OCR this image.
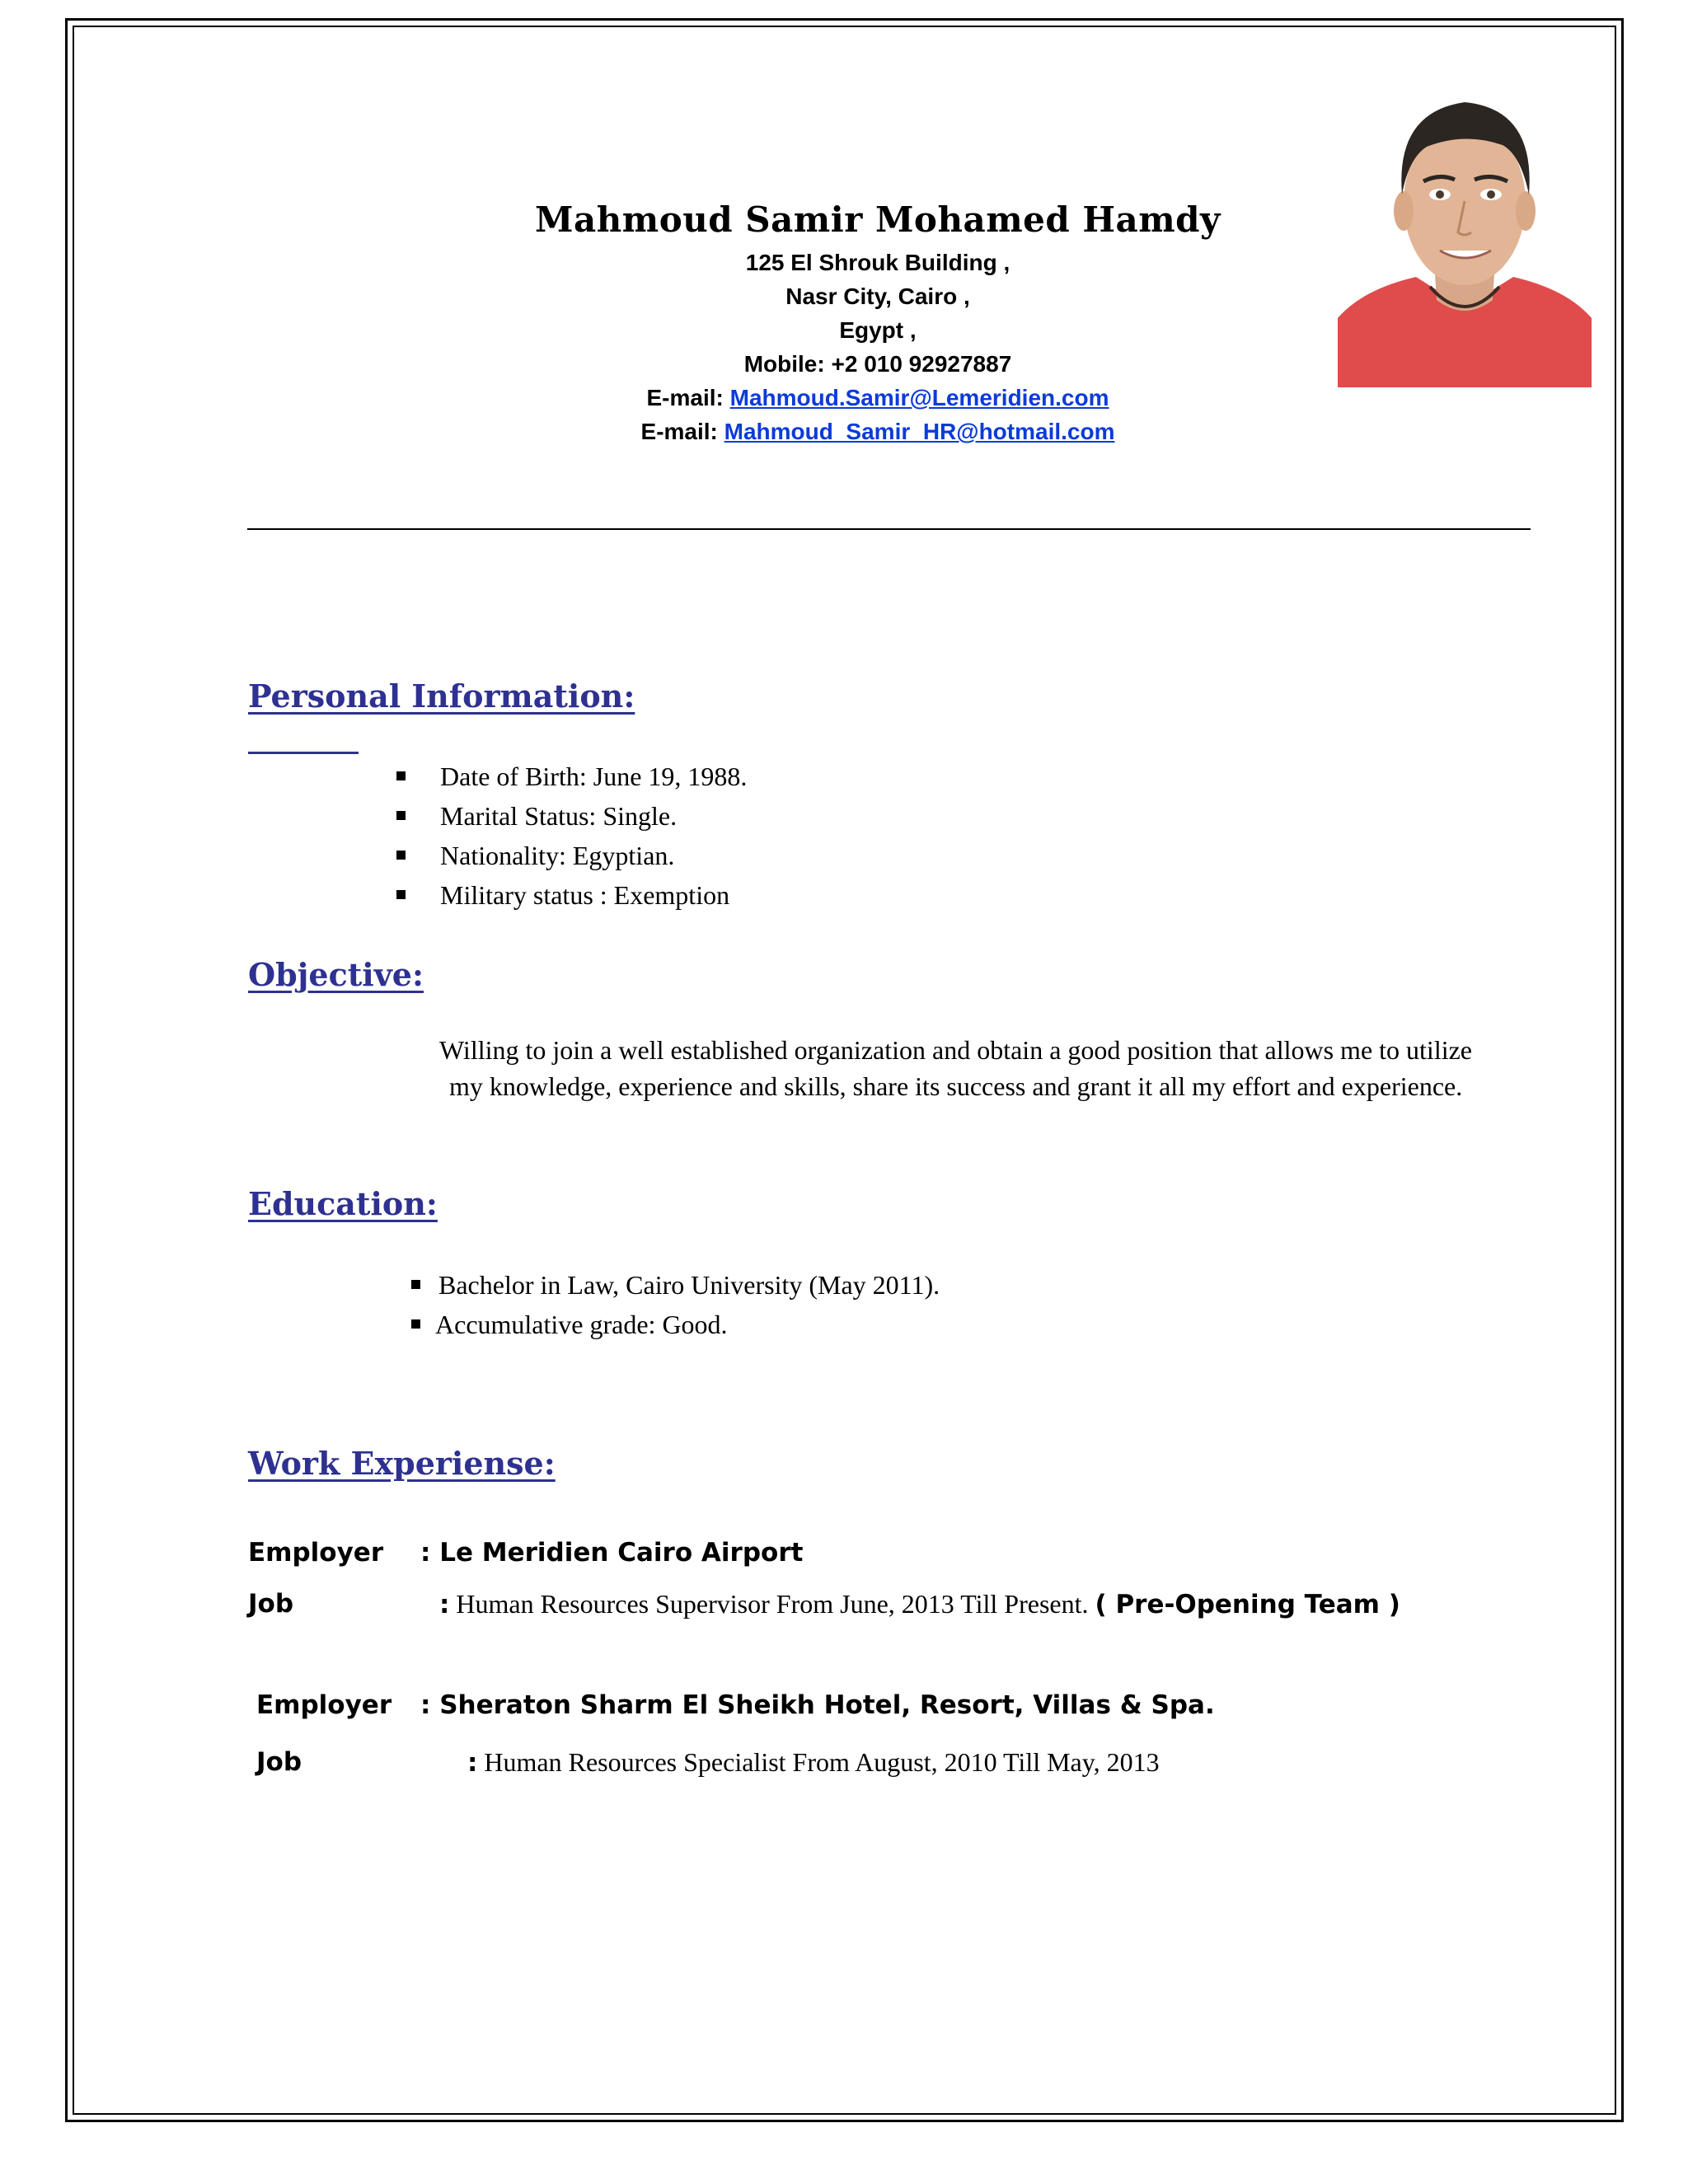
Mahmoud Samir Mohamed Hamdy
125 El Shrouk Building ,
Nasr City, Cairo ,
Egypt ,
Mobile: +2 010 92927887
E-mail: Mahmoud.Samir@Lemeridien.com
E-mail: Mahmoud_Samir_HR@hotmail.com
Personal Information:
Date of Birth: June 19, 1988.
Marital Status: Single.
Nationality: Egyptian.
Military status : Exemption
Objective:
Willing to join a well established organization and obtain a good position that allows me to utilize
my knowledge, experience and skills, share its success and grant it all my effort and experience.
Education:
Bachelor in Law, Cairo University (May 2011).
Accumulative grade: Good.
Work Experiense:
Employer : Le Meridien Cairo Airport
Job	: Human Resources Supervisor From June, 2013 Till Present. ( Pre-Opening Team )
Employer : Sheraton Sharm El Sheikh Hotel, Resort, Villas & Spa.
Job	: Human Resources Specialist From August, 2010 Till May, 2013
